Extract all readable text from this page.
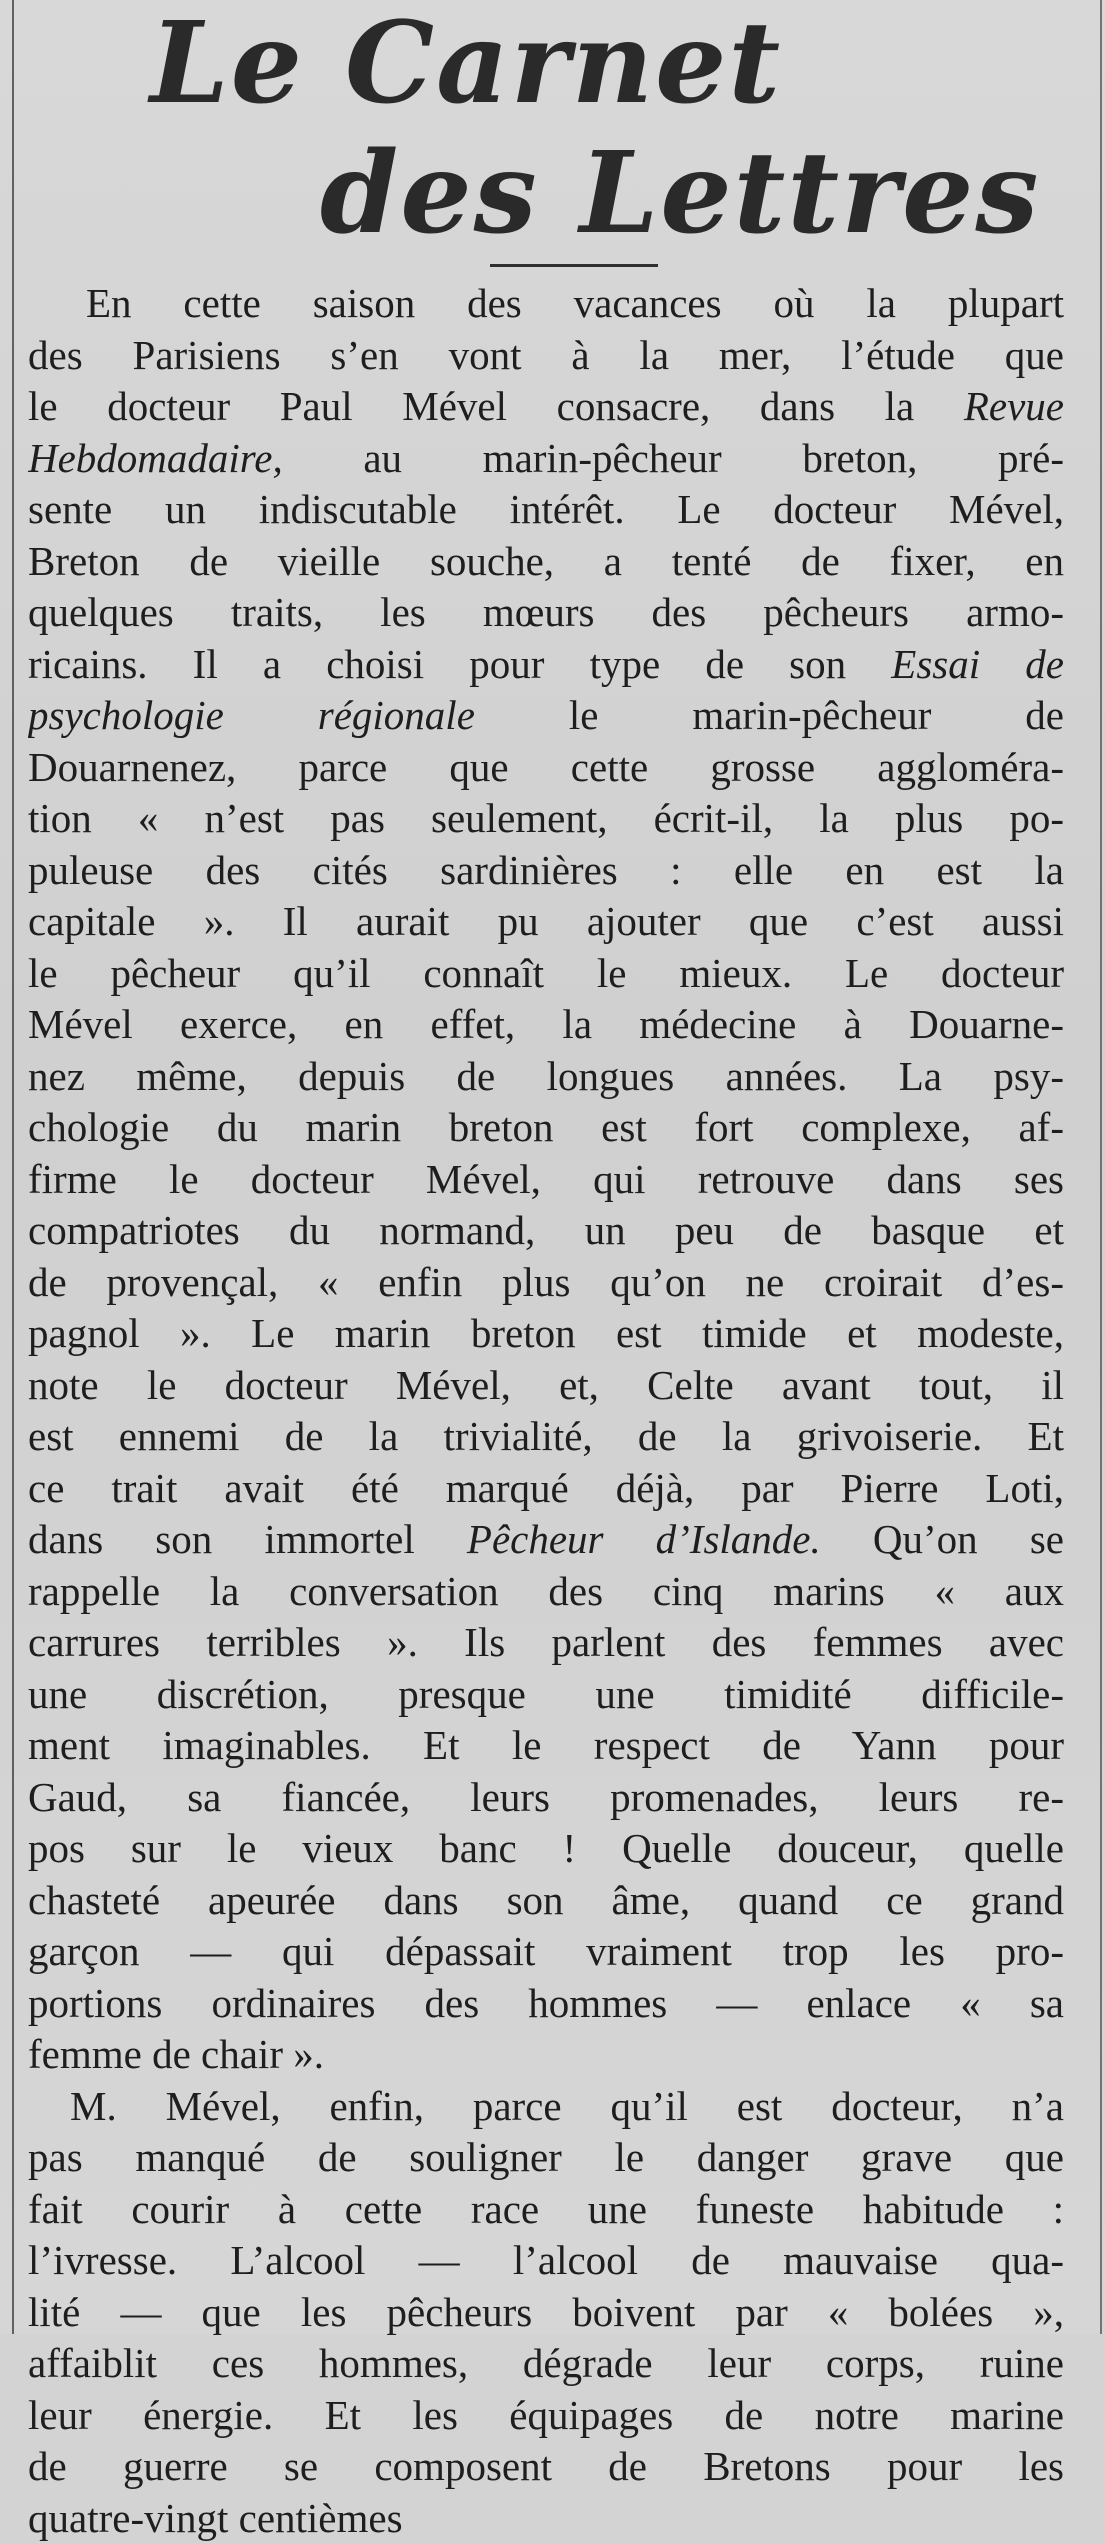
Le Carnet
des Lettres
En cette saison des vacances où la plupart
des Parisiens s’en vont à la mer, l’étude que
le docteur Paul Mével consacre, dans la Revue
Hebdomadaire, au marin-pêcheur breton, pré-
sente un indiscutable intérêt. Le docteur Mével,
Breton de vieille souche, a tenté de fixer, en
quelques traits, les mœurs des pêcheurs armo-
ricains. Il a choisi pour type de son Essai de
psychologie régionale le marin-pêcheur de
Douarnenez, parce que cette grosse aggloméra-
tion « n’est pas seulement, écrit-il, la plus po-
puleuse des cités sardinières : elle en est la
capitale ». Il aurait pu ajouter que c’est aussi
le pêcheur qu’il connaît le mieux. Le docteur
Mével exerce, en effet, la médecine à Douarne-
nez même, depuis de longues années. La psy-
chologie du marin breton est fort complexe, af-
firme le docteur Mével, qui retrouve dans ses
compatriotes du normand, un peu de basque et
de provençal, « enfin plus qu’on ne croirait d’es-
pagnol ». Le marin breton est timide et modeste,
note le docteur Mével, et, Celte avant tout, il
est ennemi de la trivialité, de la grivoiserie. Et
ce trait avait été marqué déjà, par Pierre Loti,
dans son immortel Pêcheur d’Islande. Qu’on se
rappelle la conversation des cinq marins « aux
carrures terribles ». Ils parlent des femmes avec
une discrétion, presque une timidité difficile-
ment imaginables. Et le respect de Yann pour
Gaud, sa fiancée, leurs promenades, leurs re-
pos sur le vieux banc ! Quelle douceur, quelle
chasteté apeurée dans son âme, quand ce grand
garçon — qui dépassait vraiment trop les pro-
portions ordinaires des hommes — enlace « sa
femme de chair ».
M. Mével, enfin, parce qu’il est docteur, n’a
pas manqué de souligner le danger grave que
fait courir à cette race une funeste habitude :
l’ivresse. L’alcool — l’alcool de mauvaise qua-
lité — que les pêcheurs boivent par « bolées »,
affaiblit ces hommes, dégrade leur corps, ruine
leur énergie. Et les équipages de notre marine
de guerre se composent de Bretons pour les
quatre-vingt centièmes
